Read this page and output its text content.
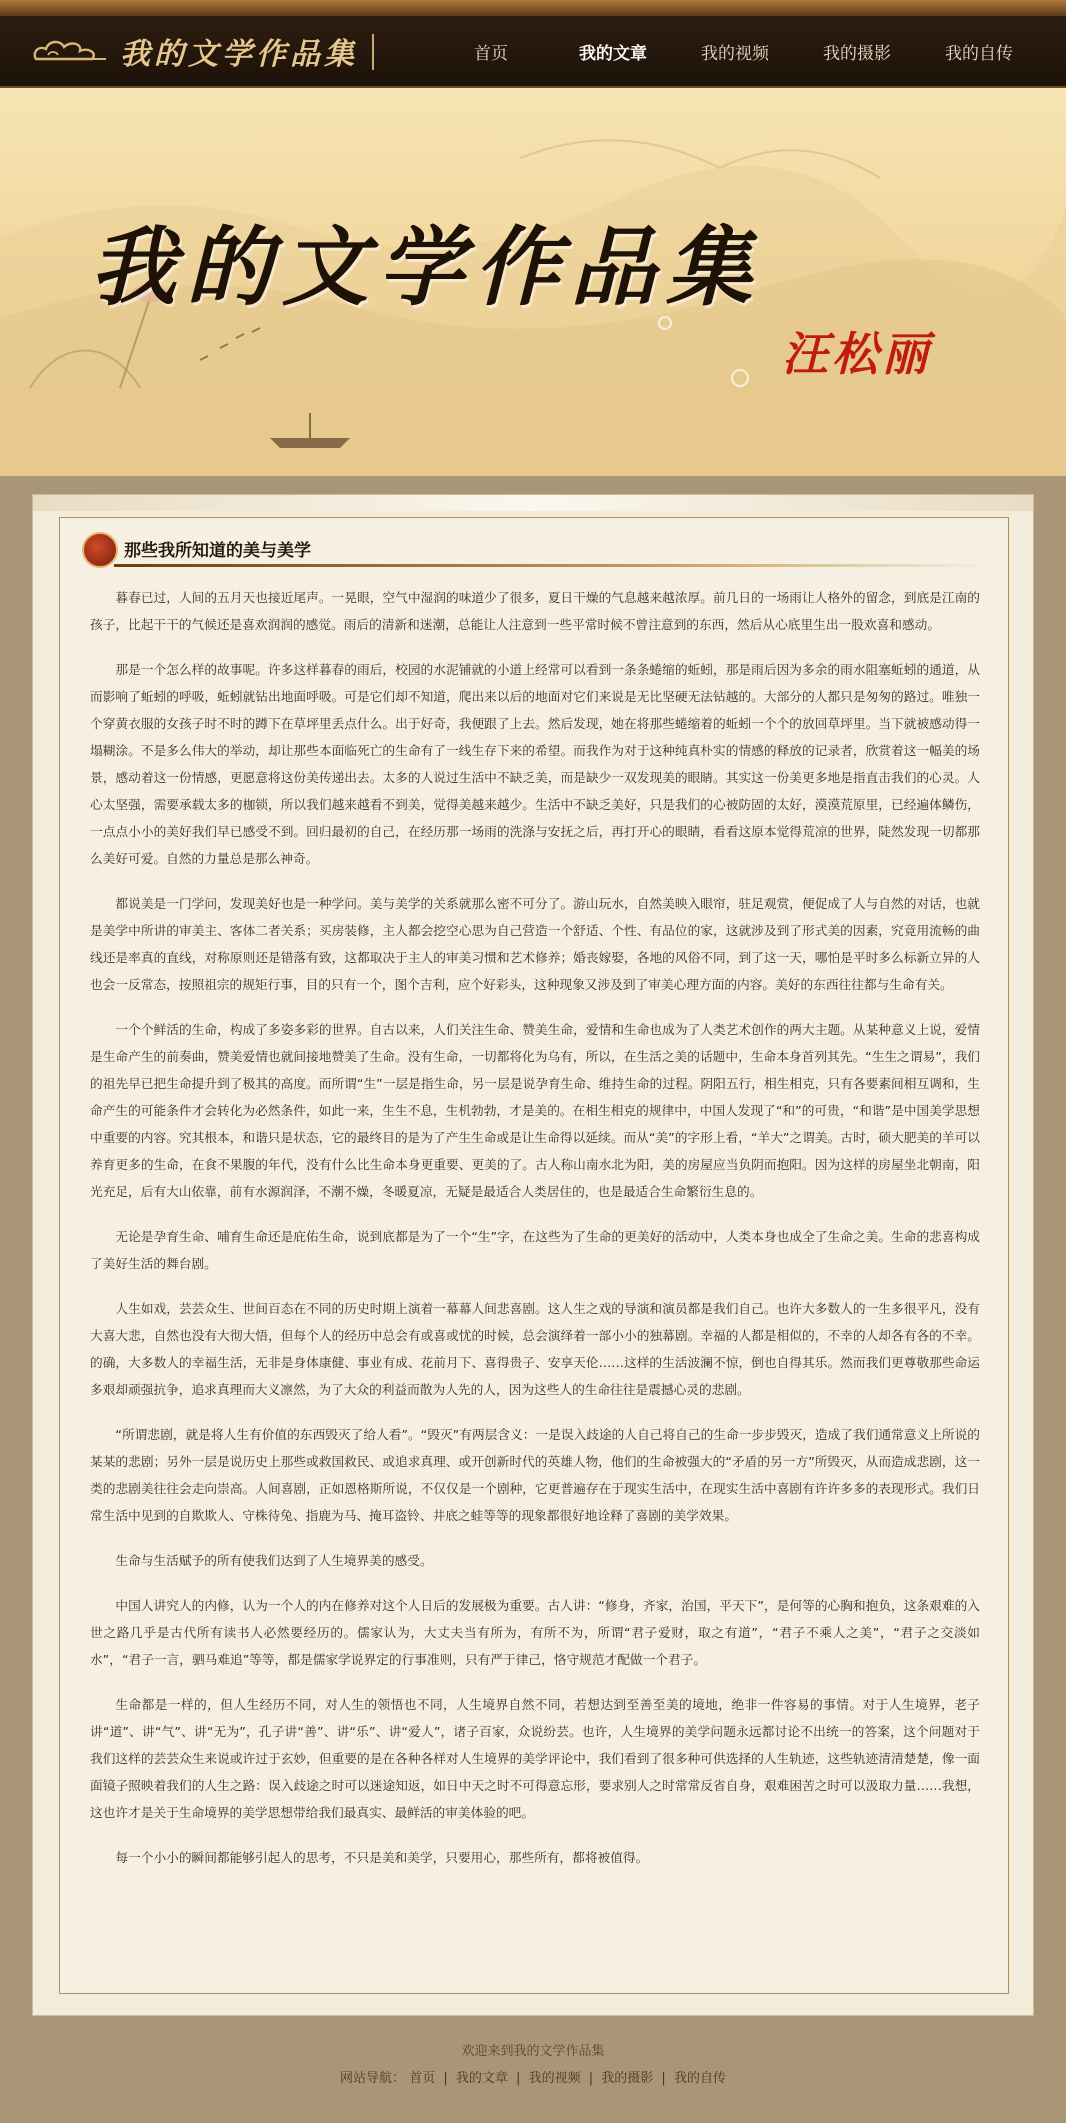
我的文学作品集	首页	我的文章	我的视频	我的摄影	我的自传
我的文学作品集
汪松丽
那些我所知道的美与美学

暮春已过，人间的五月天也接近尾声。一晃眼，空气中湿润的味道少了很多，夏日干燥的气息越来越浓厚。前几日的一场雨让人格外的留念，到底是江南的孩子，比起干干的气候还是喜欢润润的感觉。雨后的清新和迷潮，总能让人注意到一些平常时候不曾注意到的东西，然后从心底里生出一股欢喜和感动。

那是一个怎么样的故事呢。许多这样暮春的雨后，校园的水泥铺就的小道上经常可以看到一条条蜷缩的蚯蚓，那是雨后因为多余的雨水阻塞蚯蚓的通道，从而影响了蚯蚓的呼吸，蚯蚓就钻出地面呼吸。可是它们却不知道，爬出来以后的地面对它们来说是无比坚硬无法钻越的。大部分的人都只是匆匆的路过。唯独一个穿黄衣服的女孩子时不时的蹲下在草坪里丢点什么。出于好奇，我便跟了上去。然后发现，她在将那些蜷缩着的蚯蚓一个个的放回草坪里。当下就被感动得一塌糊涂。不是多么伟大的举动，却让那些本面临死亡的生命有了一线生存下来的希望。而我作为对于这种纯真朴实的情感的释放的记录者，欣赏着这一幅美的场景，感动着这一份情感，更愿意将这份美传递出去。太多的人说过生活中不缺乏美，而是缺少一双发现美的眼睛。其实这一份美更多地是指直击我们的心灵。人心太坚强，需要承载太多的枷锁，所以我们越来越看不到美，觉得美越来越少。生活中不缺乏美好，只是我们的心被防固的太好，漠漠荒原里，已经遍体鳞伤，一点点小小的美好我们早已感受不到。回归最初的自己，在经历那一场雨的洗涤与安抚之后，再打开心的眼睛，看看这原本觉得荒凉的世界，陡然发现一切都那么美好可爱。自然的力量总是那么神奇。

都说美是一门学问，发现美好也是一种学问。美与美学的关系就那么密不可分了。游山玩水，自然美映入眼帘，驻足观赏，便促成了人与自然的对话，也就是美学中所讲的审美主、客体二者关系；买房装修，主人都会挖空心思为自己营造一个舒适、个性、有品位的家，这就涉及到了形式美的因素，究竟用流畅的曲线还是率真的直线，对称原则还是错落有致，这都取决于主人的审美习惯和艺术修养；婚丧嫁娶，各地的风俗不同，到了这一天，哪怕是平时多么标新立异的人也会一反常态，按照祖宗的规矩行事，目的只有一个，图个吉利，应个好彩头，这种现象又涉及到了审美心理方面的内容。美好的东西往往都与生命有关。

一个个鲜活的生命，构成了多姿多彩的世界。自古以来，人们关注生命、赞美生命，爱情和生命也成为了人类艺术创作的两大主题。从某种意义上说，爱情是生命产生的前奏曲，赞美爱情也就间接地赞美了生命。没有生命，一切都将化为乌有，所以，在生活之美的话题中，生命本身首列其先。“生生之谓易”，我们的祖先早已把生命提升到了极其的高度。而所谓“生”一层是指生命，另一层是说孕育生命、维持生命的过程。阴阳五行，相生相克，只有各要素间相互调和，生命产生的可能条件才会转化为必然条件，如此一来，生生不息，生机勃勃，才是美的。在相生相克的规律中，中国人发现了“和”的可贵，“和谐”是中国美学思想中重要的内容。究其根本，和谐只是状态，它的最终目的是为了产生生命或是让生命得以延续。而从“美”的字形上看，“羊大”之谓美。古时，硕大肥美的羊可以养育更多的生命，在食不果腹的年代，没有什么比生命本身更重要、更美的了。古人称山南水北为阳，美的房屋应当负阴而抱阳。因为这样的房屋坐北朝南，阳光充足，后有大山依靠，前有水源润泽，不潮不燥，冬暖夏凉，无疑是最适合人类居住的，也是最适合生命繁衍生息的。

无论是孕育生命、哺育生命还是庇佑生命，说到底都是为了一个“生”字，在这些为了生命的更美好的活动中，人类本身也成全了生命之美。生命的悲喜构成了美好生活的舞台剧。

人生如戏，芸芸众生、世间百态在不同的历史时期上演着一幕幕人间悲喜剧。这人生之戏的导演和演员都是我们自己。也许大多数人的一生多很平凡，没有大喜大悲，自然也没有大彻大悟，但每个人的经历中总会有或喜或忧的时候，总会演绎着一部小小的独幕剧。幸福的人都是相似的，不幸的人却各有各的不幸。的确，大多数人的幸福生活，无非是身体康健、事业有成、花前月下、喜得贵子、安享天伦……这样的生活波澜不惊，倒也自得其乐。然而我们更尊敬那些命运多艰却顽强抗争，追求真理而大义凛然，为了大众的利益而散为人先的人，因为这些人的生命往往是震撼心灵的悲剧。

“所谓悲剧，就是将人生有价值的东西毁灭了给人看”。“毁灭”有两层含义：一是误入歧途的人自己将自己的生命一步步毁灭，造成了我们通常意义上所说的某某的悲剧；另外一层是说历史上那些或救国救民、或追求真理、或开创新时代的英雄人物，他们的生命被强大的“矛盾的另一方”所毁灭，从而造成悲剧，这一类的悲剧美往往会走向崇高。人间喜剧，正如恩格斯所说，不仅仅是一个剧种，它更普遍存在于现实生活中，在现实生活中喜剧有许许多多的表现形式。我们日常生活中见到的自欺欺人、守株待兔、指鹿为马、掩耳盗铃、井底之蛙等等的现象都很好地诠释了喜剧的美学效果。

生命与生活赋予的所有使我们达到了人生境界美的感受。

中国人讲究人的内修，认为一个人的内在修养对这个人日后的发展极为重要。古人讲：“修身，齐家，治国，平天下”，是何等的心胸和抱负，这条艰难的入世之路几乎是古代所有读书人必然要经历的。儒家认为，大丈夫当有所为，有所不为，所谓“君子爱财，取之有道”，“君子不乘人之美”，“君子之交淡如水”，“君子一言，驷马难追”等等，都是儒家学说界定的行事准则，只有严于律己，恪守规范才配做一个君子。

生命都是一样的，但人生经历不同，对人生的领悟也不同，人生境界自然不同，若想达到至善至美的境地，绝非一件容易的事情。对于人生境界，老子讲“道”、讲“气”、讲“无为”，孔子讲“善”、讲“乐”、讲“爱人”，诸子百家，众说纷芸。也许，人生境界的美学问题永远都讨论不出统一的答案，这个问题对于我们这样的芸芸众生来说或许过于玄妙，但重要的是在各种各样对人生境界的美学评论中，我们看到了很多种可供选择的人生轨迹，这些轨迹清清楚楚，像一面面镜子照映着我们的人生之路：误入歧途之时可以迷途知返，如日中天之时不可得意忘形，要求别人之时常常反省自身，艰难困苦之时可以汲取力量……我想，这也许才是关于生命境界的美学思想带给我们最真实、最鲜活的审美体验的吧。

每一个小小的瞬间都能够引起人的思考，不只是美和美学，只要用心，那些所有，都将被值得。

欢迎来到我的文学作品集
网站导航： 首页 | 我的文章 | 我的视频 | 我的摄影 | 我的自传
